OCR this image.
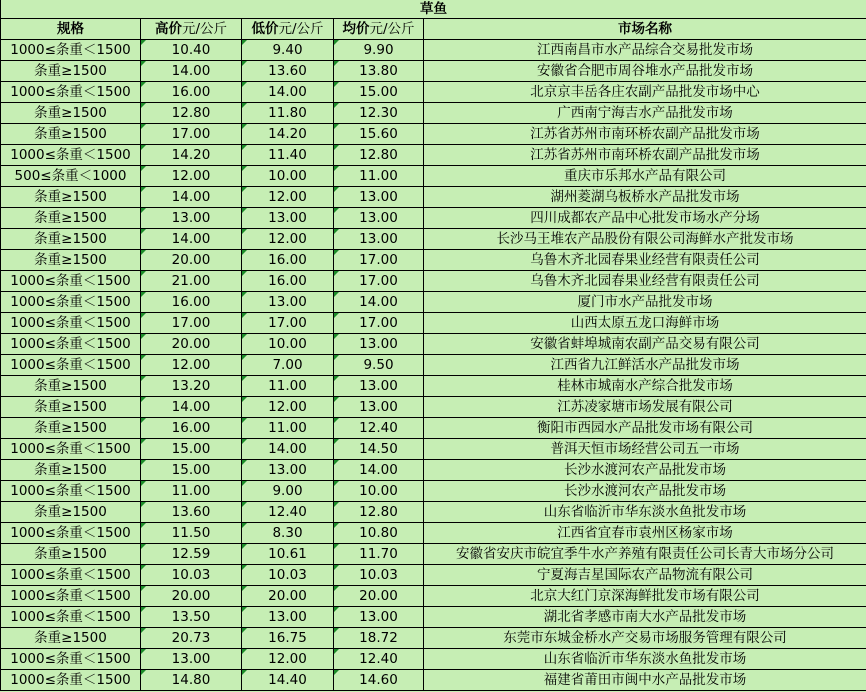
草鱼				
规格	高价元/公斤	低价元/公斤	均价元/公斤	市场名称
1000≤条重＜1500	10.40	9.40	9.90	江西南昌市水产品综合交易批发市场
条重≥1500	14.00	13.60	13.80	安徽省合肥市周谷堆水产品批发市场
1000≤条重＜1500	16.00	14.00	15.00	北京京丰岳各庄农副产品批发市场中心
条重≥1500	12.80	11.80	12.30	广西南宁海吉水产品批发市场
条重≥1500	17.00	14.20	15.60	江苏省苏州市南环桥农副产品批发市场
1000≤条重＜1500	14.20	11.40	12.80	江苏省苏州市南环桥农副产品批发市场
500≤条重＜1000	12.00	10.00	11.00	重庆市乐邦水产品有限公司
条重≥1500	14.00	12.00	13.00	湖州菱湖乌板桥水产品批发市场
条重≥1500	13.00	13.00	13.00	四川成都农产品中心批发市场水产分场
条重≥1500	14.00	12.00	13.00	长沙马王堆农产品股份有限公司海鲜水产批发市场
条重≥1500	20.00	16.00	17.00	乌鲁木齐北园春果业经营有限责任公司
1000≤条重＜1500	21.00	16.00	17.00	乌鲁木齐北园春果业经营有限责任公司
1000≤条重＜1500	16.00	13.00	14.00	厦门市水产品批发市场
1000≤条重＜1500	17.00	17.00	17.00	山西太原五龙口海鲜市场
1000≤条重＜1500	20.00	10.00	13.00	安徽省蚌埠城南农副产品交易有限公司
1000≤条重＜1500	12.00	7.00	9.50	江西省九江鲜活水产品批发市场
条重≥1500	13.20	11.00	13.00	桂林市城南水产综合批发市场
条重≥1500	14.00	12.00	13.00	江苏凌家塘市场发展有限公司
条重≥1500	16.00	11.00	12.40	衡阳市西园水产品批发市场有限公司
1000≤条重＜1500	15.00	14.00	14.50	普洱天恒市场经营公司五一市场
条重≥1500	15.00	13.00	14.00	长沙水渡河农产品批发市场
1000≤条重＜1500	11.00	9.00	10.00	长沙水渡河农产品批发市场
条重≥1500	13.60	12.40	12.80	山东省临沂市华东淡水鱼批发市场
1000≤条重＜1500	11.50	8.30	10.80	江西省宜春市袁州区杨家市场
条重≥1500	12.59	10.61	11.70	安徽省安庆市皖宜季牛水产养殖有限责任公司长青大市场分公司
1000≤条重＜1500	10.03	10.03	10.03	宁夏海吉星国际农产品物流有限公司
1000≤条重＜1500	20.00	20.00	20.00	北京大红门京深海鲜批发市场有限公司
1000≤条重＜1500	13.50	13.00	13.00	湖北省孝感市南大水产品批发市场
条重≥1500	20.73	16.75	18.72	东莞市东城金桥水产交易市场服务管理有限公司
1000≤条重＜1500	13.00	12.00	12.40	山东省临沂市华东淡水鱼批发市场
1000≤条重＜1500	14.80	14.40	14.60	福建省莆田市闽中水产品批发市场
